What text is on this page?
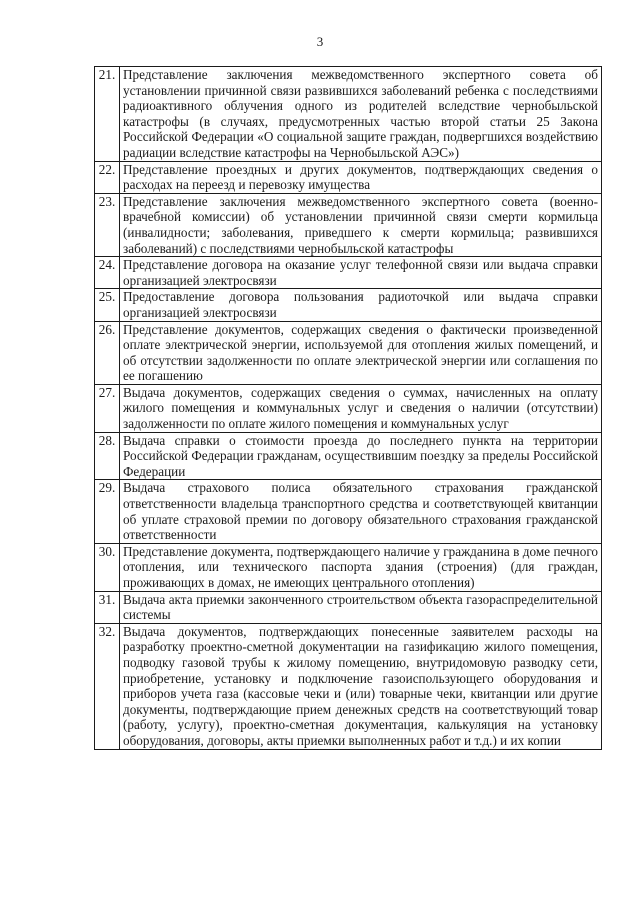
3
21.	Представление заключения межведомственного экспертного совета об установлении причинной связи развившихся заболеваний ребенка с последствиями радиоактивного облучения одного из родителей вследствие чернобыльской катастрофы (в случаях, предусмотренных частью второй статьи 25 Закона Российской Федерации «О социальной защите граждан, подвергшихся воздействию радиации вследствие катастрофы на Чернобыльской АЭС»)
22.	Представление проездных и других документов, подтверждающих сведения о расходах на переезд и перевозку имущества
23.	Представление заключения межведомственного экспертного совета (военно-врачебной комиссии) об установлении причинной связи смерти кормильца (инвалидности; заболевания, приведшего к смерти кормильца; развившихся заболеваний) с последствиями чернобыльской катастрофы
24.	Представление договора на оказание услуг телефонной связи или выдача справки организацией электросвязи
25.	Предоставление договора пользования радиоточкой или выдача справки организацией электросвязи
26.	Представление документов, содержащих сведения о фактически произведенной оплате электрической энергии, используемой для отопления жилых помещений, и об отсутствии задолженности по оплате электрической энергии или соглашения по ее погашению
27.	Выдача документов, содержащих сведения о суммах, начисленных на оплату жилого помещения и коммунальных услуг и сведения о наличии (отсутствии) задолженности по оплате жилого помещения и коммунальных услуг
28.	Выдача справки о стоимости проезда до последнего пункта на территории Российской Федерации гражданам, осуществившим поездку за пределы Российской Федерации
29.	Выдача страхового полиса обязательного страхования гражданской ответственности владельца транспортного средства и соответствующей квитанции об уплате страховой премии по договору обязательного страхования гражданской ответственности
30.	Представление документа, подтверждающего наличие у гражданина в доме печного отопления, или технического паспорта здания (строения) (для граждан, проживающих в домах, не имеющих центрального отопления)
31.	Выдача акта приемки законченного строительством объекта газораспределительной системы
32.	Выдача документов, подтверждающих понесенные заявителем расходы на разработку проектно-сметной документации на газификацию жилого помещения, подводку газовой трубы к жилому помещению, внутридомовую разводку сети, приобретение, установку и подключение газоиспользующего оборудования и приборов учета газа (кассовые чеки и (или) товарные чеки, квитанции или другие документы, подтверждающие прием денежных средств на соответствующий товар (работу, услугу), проектно-сметная документация, калькуляция на установку оборудования, договоры, акты приемки выполненных работ и т.д.) и их копии
